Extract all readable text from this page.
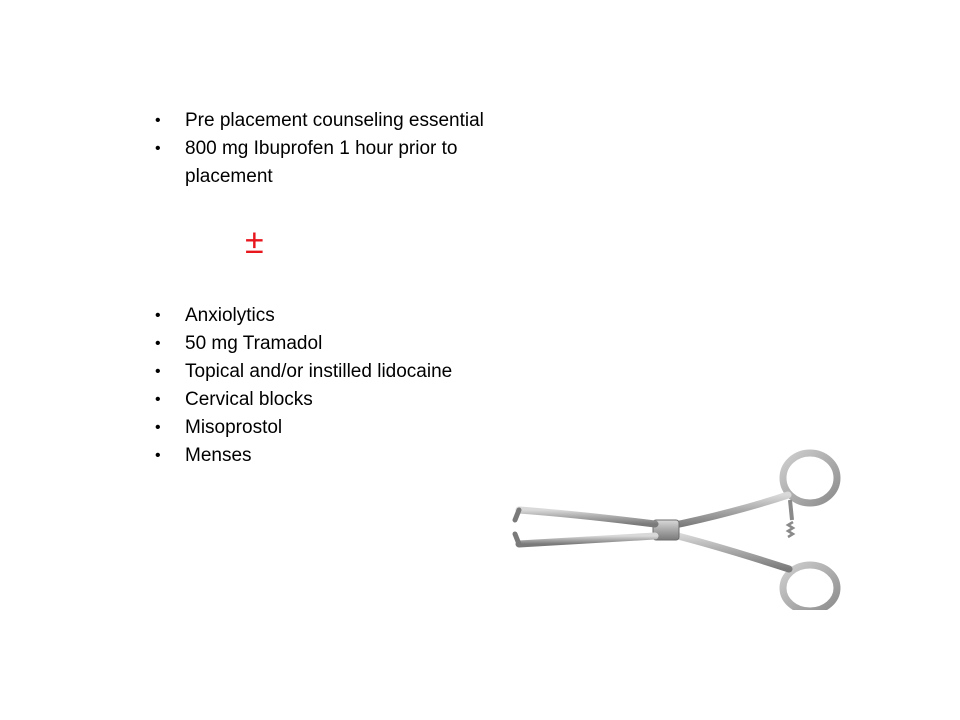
• Pre placement counseling essential
• 800 mg Ibuprofen 1 hour prior to placement
±
• Anxiolytics
• 50 mg Tramadol
• Topical and/or instilled lidocaine
• Cervical blocks
• Misoprostol
• Menses
